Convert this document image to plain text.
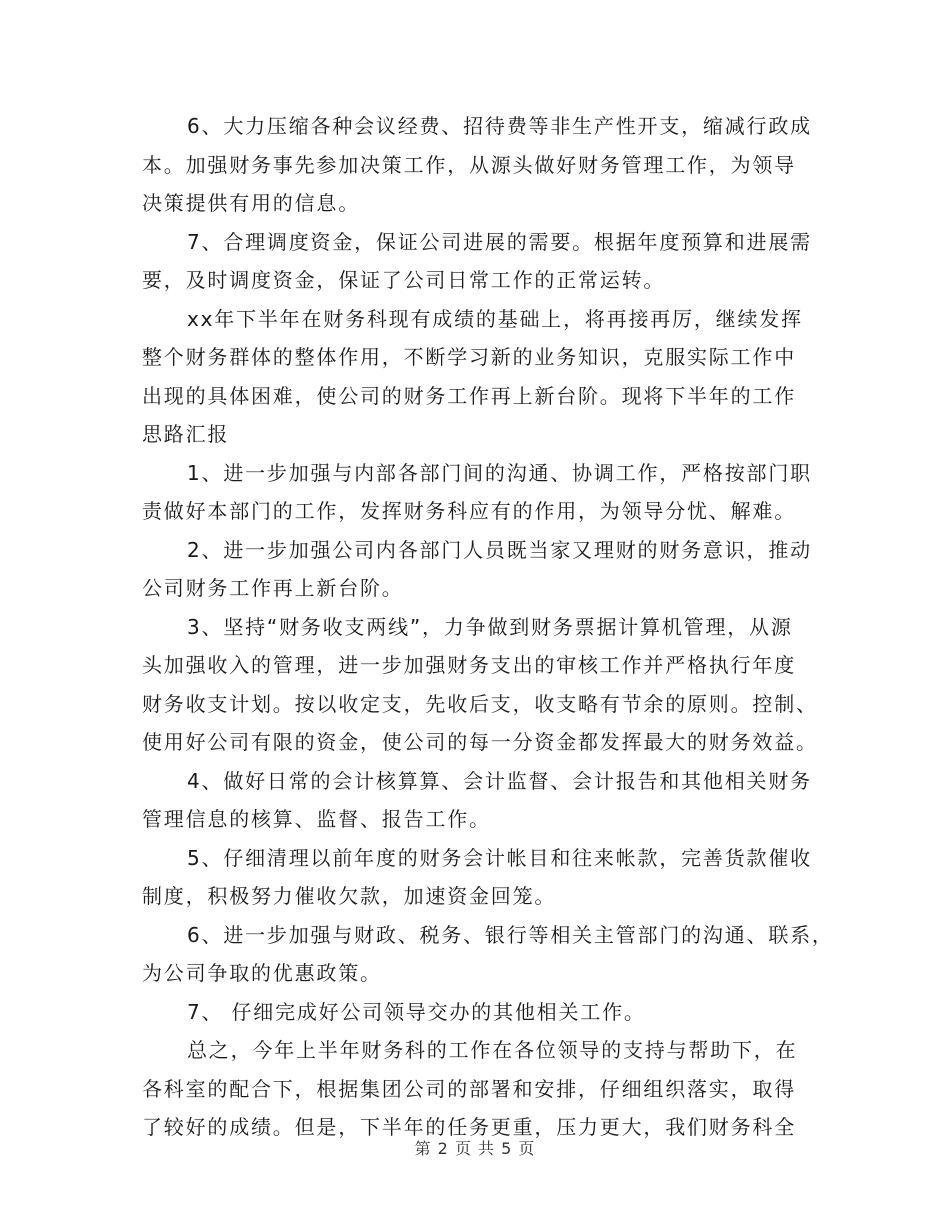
6、大力压缩各种会议经费、招待费等非生产性开支，缩减行政成
本。加强财务事先参加决策工作，从源头做好财务管理工作，为领导
决策提供有用的信息。
7、合理调度资金，保证公司进展的需要。根据年度预算和进展需
要，及时调度资金，保证了公司日常工作的正常运转。
xx年下半年在财务科现有成绩的基础上，将再接再厉，继续发挥
整个财务群体的整体作用，不断学习新的业务知识，克服实际工作中
出现的具体困难，使公司的财务工作再上新台阶。现将下半年的工作
思路汇报
1、进一步加强与内部各部门间的沟通、协调工作，严格按部门职
责做好本部门的工作，发挥财务科应有的作用，为领导分忧、解难。
2、进一步加强公司内各部门人员既当家又理财的财务意识，推动
公司财务工作再上新台阶。
3、坚持“财务收支两线”，力争做到财务票据计算机管理，从源
头加强收入的管理，进一步加强财务支出的审核工作并严格执行年度
财务收支计划。按以收定支，先收后支，收支略有节余的原则。控制、
使用好公司有限的资金，使公司的每一分资金都发挥最大的财务效益。
4、做好日常的会计核算算、会计监督、会计报告和其他相关财务
管理信息的核算、监督、报告工作。
5、仔细清理以前年度的财务会计帐目和往来帐款，完善货款催收
制度，积极努力催收欠款，加速资金回笼。
6、进一步加强与财政、税务、银行等相关主管部门的沟通、联系，
为公司争取的优惠政策。
7、 仔细完成好公司领导交办的其他相关工作。
总之，今年上半年财务科的工作在各位领导的支持与帮助下，在
各科室的配合下，根据集团公司的部署和安排，仔细组织落实，取得
了较好的成绩。但是，下半年的任务更重，压力更大，我们财务科全
第 2 页 共 5 页
